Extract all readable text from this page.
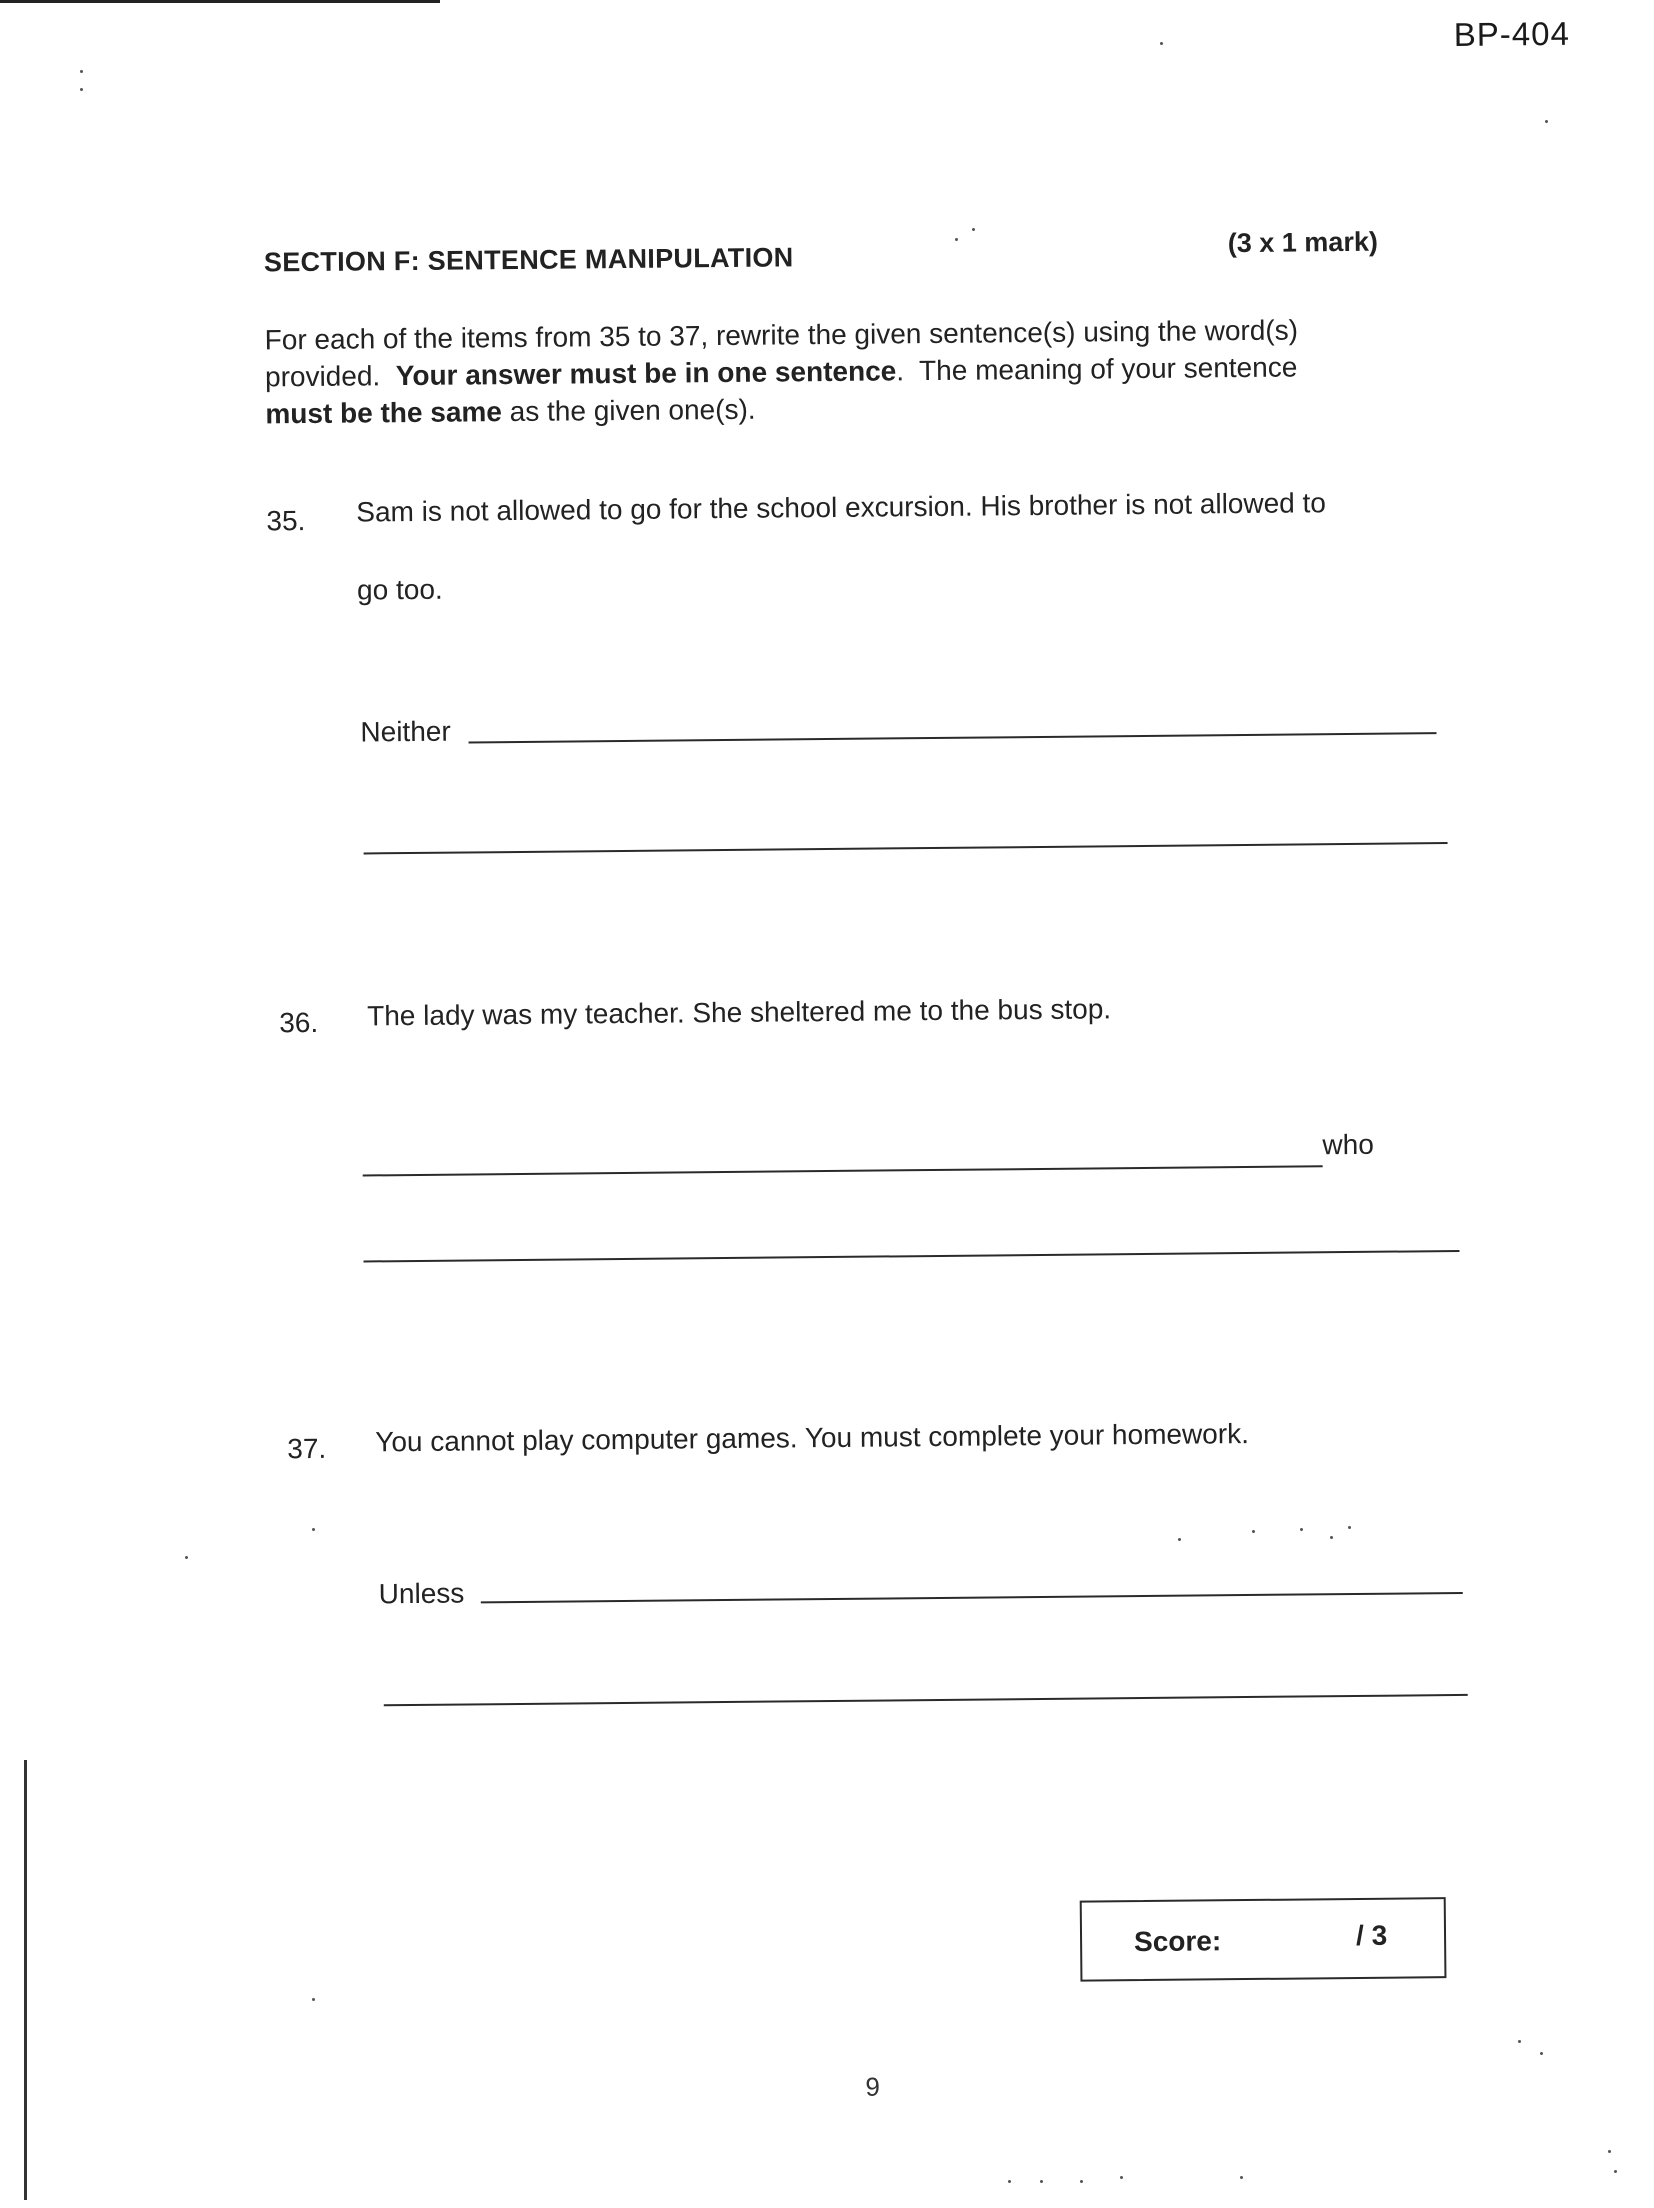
BP-404
SECTION F: SENTENCE MANIPULATION	(3 x 1 mark)
For each of the items from 35 to 37, rewrite the given sentence(s) using the word(s)
provided.  Your answer must be in one sentence.  The meaning of your sentence
must be the same as the given one(s).
35. Sam is not allowed to go for the school excursion. His brother is not allowed to
go too.
Neither
36. The lady was my teacher. She sheltered me to the bus stop.
who
37. You cannot play computer games. You must complete your homework.
Unless
Score:	/ 3
9
